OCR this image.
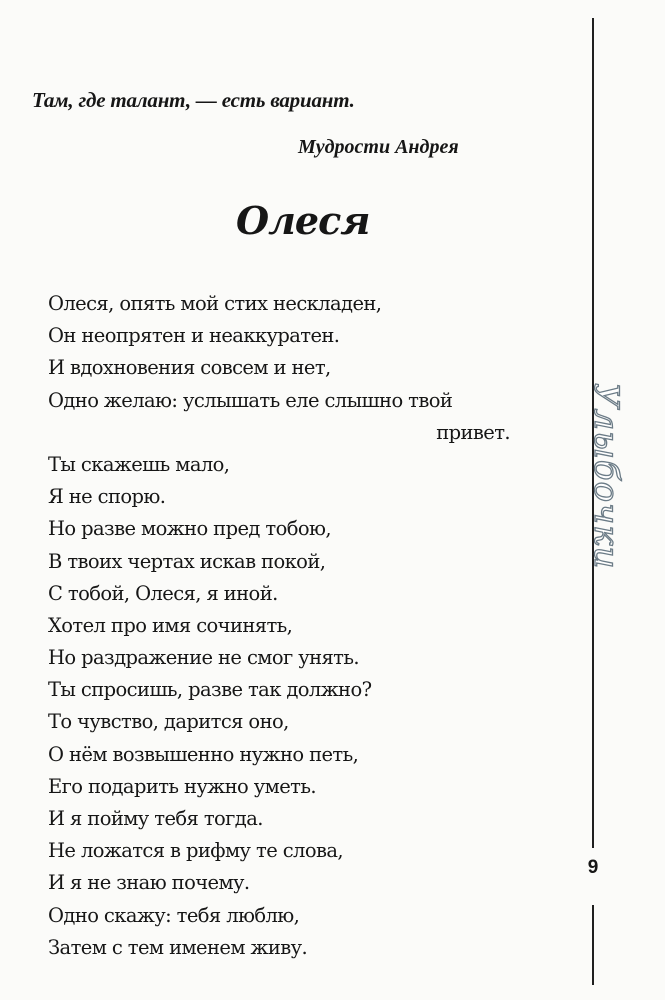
Там, где талант, — есть вариант.
Мудрости Андрея
Олеся
Олеся, опять мой стих нескладен,
Он неопрятен и неаккуратен.
И вдохновения совсем и нет,
Одно желаю: услышать еле слышно твой
привет.
Ты скажешь мало,
Я не спорю.
Но разве можно пред тобою,
В твоих чертах искав покой,
С тобой, Олеся, я иной.
Хотел про имя сочинять,
Но раздражение не смог унять.
Ты спросишь, разве так должно?
То чувство, дарится оно,
О нём возвышенно нужно петь,
Его подарить нужно уметь.
И я пойму тебя тогда.
Не ложатся в рифму те слова,
И я не знаю почему.
Одно скажу: тебя люблю,
Затем с тем именем живу.
Улыбочки
9
